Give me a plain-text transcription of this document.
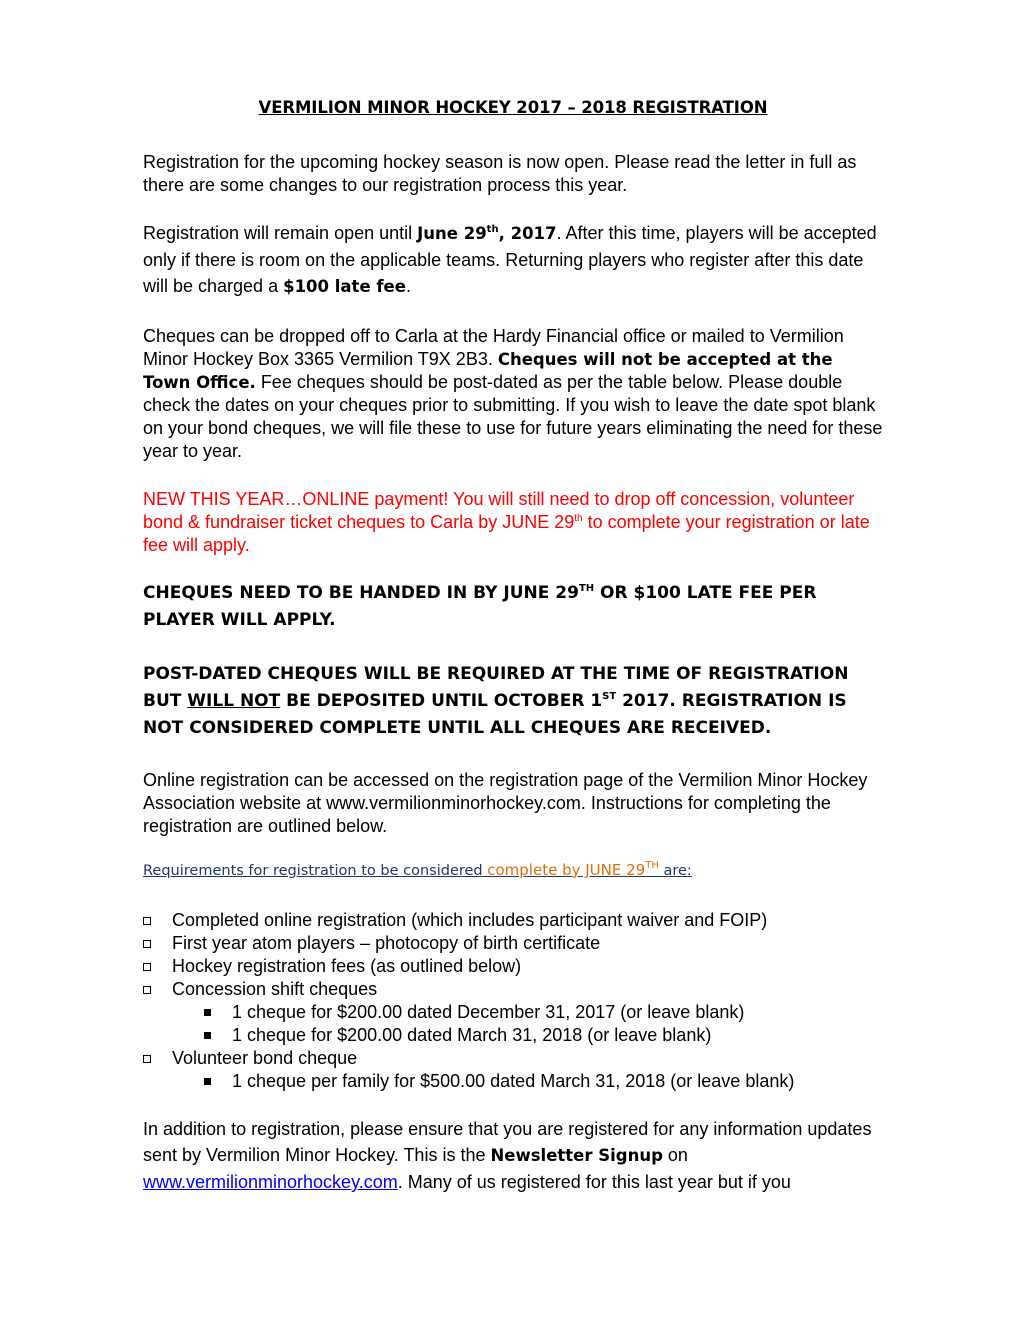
VERMILION MINOR HOCKEY 2017 – 2018 REGISTRATION

Registration for the upcoming hockey season is now open. Please read the letter in full as there are some changes to our registration process this year.

Registration will remain open until June 29th, 2017. After this time, players will be accepted only if there is room on the applicable teams. Returning players who register after this date will be charged a $100 late fee.

Cheques can be dropped off to Carla at the Hardy Financial office or mailed to Vermilion Minor Hockey Box 3365 Vermilion T9X 2B3. Cheques will not be accepted at the Town Office. Fee cheques should be post-dated as per the table below. Please double check the dates on your cheques prior to submitting. If you wish to leave the date spot blank on your bond cheques, we will file these to use for future years eliminating the need for these year to year.

NEW THIS YEAR…ONLINE payment! You will still need to drop off concession, volunteer bond & fundraiser ticket cheques to Carla by JUNE 29th to complete your registration or late fee will apply.

CHEQUES NEED TO BE HANDED IN BY JUNE 29TH OR $100 LATE FEE PER PLAYER WILL APPLY.

POST-DATED CHEQUES WILL BE REQUIRED AT THE TIME OF REGISTRATION BUT WILL NOT BE DEPOSITED UNTIL OCTOBER 1ST 2017. REGISTRATION IS NOT CONSIDERED COMPLETE UNTIL ALL CHEQUES ARE RECEIVED.

Online registration can be accessed on the registration page of the Vermilion Minor Hockey Association website at www.vermilionminorhockey.com. Instructions for completing the registration are outlined below.

Requirements for registration to be considered complete by JUNE 29TH are:

Completed online registration (which includes participant waiver and FOIP)
First year atom players – photocopy of birth certificate
Hockey registration fees (as outlined below)
Concession shift cheques
1 cheque for $200.00 dated December 31, 2017 (or leave blank)
1 cheque for $200.00 dated March 31, 2018 (or leave blank)
Volunteer bond cheque
1 cheque per family for $500.00 dated March 31, 2018 (or leave blank)

In addition to registration, please ensure that you are registered for any information updates sent by Vermilion Minor Hockey. This is the Newsletter Signup on www.vermilionminorhockey.com. Many of us registered for this last year but if you
